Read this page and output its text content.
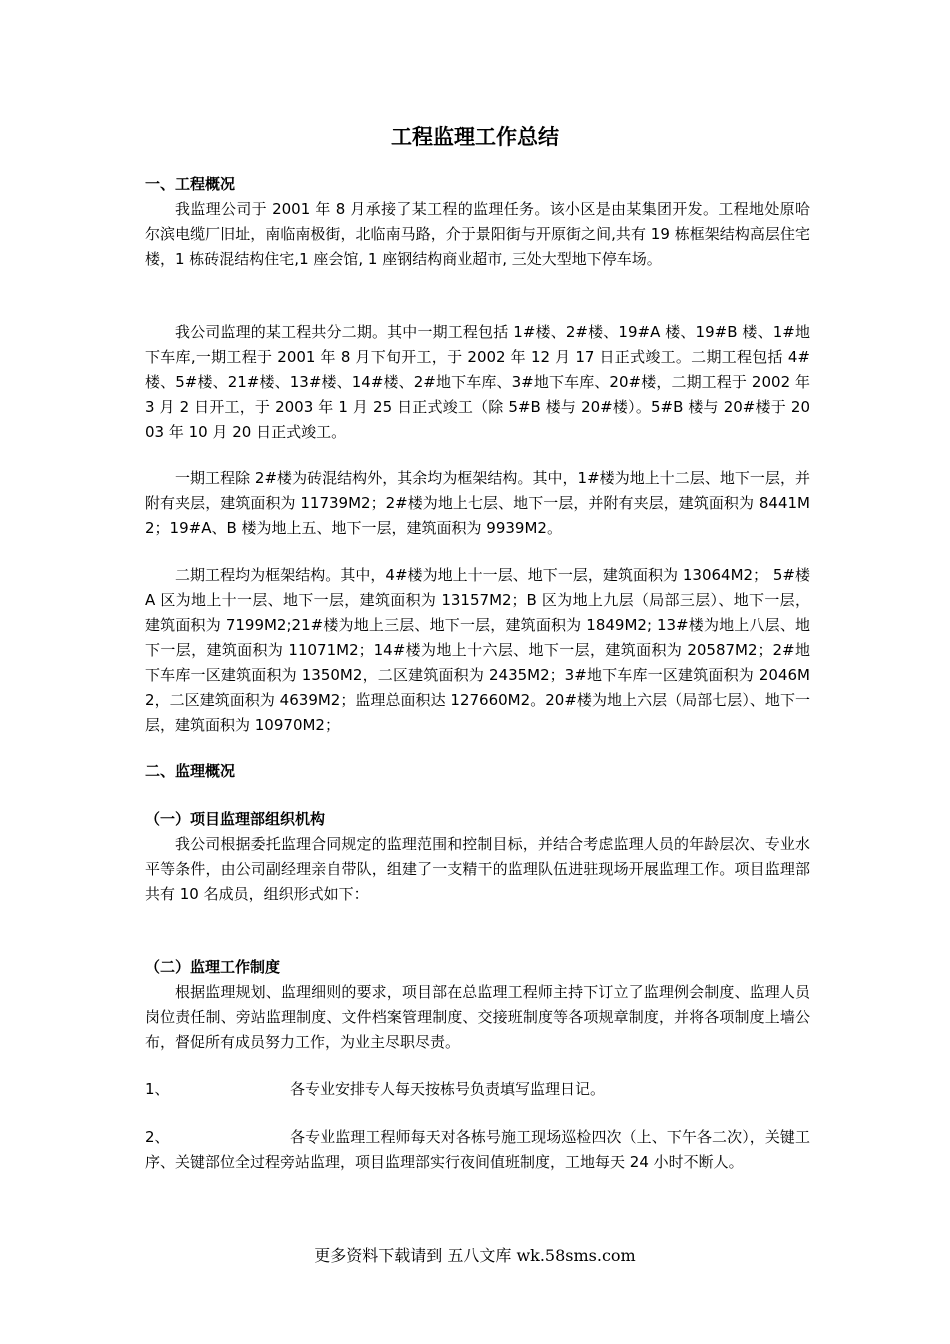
工程监理工作总结
一、工程概况

我监理公司于 2001 年 8 月承接了某工程的监理任务。该小区是由某集团开发。工程地处原哈尔滨电缆厂旧址，南临南极街，北临南马路，介于景阳街与开原街之间,共有 19 栋框架结构高层住宅楼，1 栋砖混结构住宅,1 座会馆, 1 座钢结构商业超市, 三处大型地下停车场。

我公司监理的某工程共分二期。其中一期工程包括 1#楼、2#楼、19#A 楼、19#B 楼、1#地下车库,一期工程于 2001 年 8 月下旬开工，于 2002 年 12 月 17 日正式竣工。二期工程包括 4#楼、5#楼、21#楼、13#楼、14#楼、2#地下车库、3#地下车库、20#楼，二期工程于 2002 年 3 月 2 日开工，于 2003 年 1 月 25 日正式竣工（除 5#B 楼与 20#楼）。5#B 楼与 20#楼于 2003 年 10 月 20 日正式竣工。

一期工程除 2#楼为砖混结构外，其余均为框架结构。其中，1#楼为地上十二层、地下一层，并附有夹层，建筑面积为 11739M2；2#楼为地上七层、地下一层，并附有夹层，建筑面积为 8441M2；19#A、B 楼为地上五、地下一层，建筑面积为 9939M2。

二期工程均为框架结构。其中，4#楼为地上十一层、地下一层，建筑面积为 13064M2； 5#楼 A 区为地上十一层、地下一层，建筑面积为 13157M2；B 区为地上九层（局部三层）、地下一层，建筑面积为 7199M2;21#楼为地上三层、地下一层，建筑面积为 1849M2; 13#楼为地上八层、地下一层，建筑面积为 11071M2；14#楼为地上十六层、地下一层，建筑面积为 20587M2；2#地下车库一区建筑面积为 1350M2，二区建筑面积为 2435M2；3#地下车库一区建筑面积为 2046M2，二区建筑面积为 4639M2；监理总面积达 127660M2。20#楼为地上六层（局部七层）、地下一层，建筑面积为 10970M2；

二、监理概况
（一）项目监理部组织机构

我公司根据委托监理合同规定的监理范围和控制目标，并结合考虑监理人员的年龄层次、专业水平等条件，由公司副经理亲自带队，组建了一支精干的监理队伍进驻现场开展监理工作。项目监理部共有 10 名成员，组织形式如下：

（二）监理工作制度

根据监理规划、监理细则的要求，项目部在总监理工程师主持下订立了监理例会制度、监理人员岗位责任制、旁站监理制度、文件档案管理制度、交接班制度等各项规章制度，并将各项制度上墙公布，督促所有成员努力工作，为业主尽职尽责。

1、	各专业安排专人每天按栋号负责填写监理日记。

2、	各专业监理工程师每天对各栋号施工现场巡检四次（上、下午各二次），关键工序、关键部位全过程旁站监理，项目监理部实行夜间值班制度，工地每天 24 小时不断人。

更多资料下载请到 五八文库 wk.58sms.com
